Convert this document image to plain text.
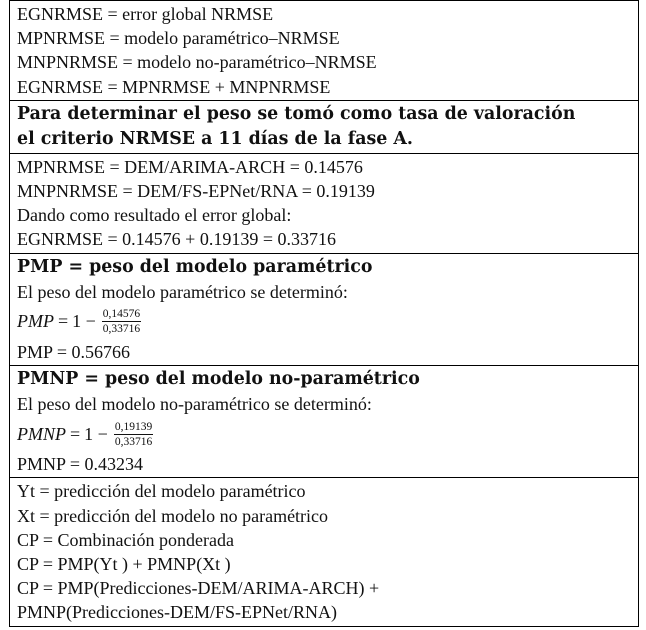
EGNRMSE = error global NRMSE
MPNRMSE = modelo paramétrico–NRMSE
MNPNRMSE = modelo no-paramétrico–NRMSE
EGNRMSE = MPNRMSE + MNPNRMSE

Para determinar el peso se tomó como tasa de valoración
el criterio NRMSE a 11 días de la fase A.

MPNRMSE = DEM/ARIMA-ARCH = 0.14576
MNPNRMSE = DEM/FS-EPNet/RNA = 0.19139
Dando como resultado el error global:
EGNRMSE = 0.14576 + 0.19139 = 0.33716

PMP = peso del modelo paramétrico
El peso del modelo paramétrico se determinó:
PMP = $1 - \frac{0,14576}{0,33716}$
PMP = 0.56766

PMNP = peso del modelo no-paramétrico
El peso del modelo no-paramétrico se determinó:
PMNP = $1 - \frac{0,19139}{0,33716}$
PMNP = 0.43234

Yt = predicción del modelo paramétrico
Xt = predicción del modelo no paramétrico
CP = Combinación ponderada
CP = PMP(Yt ) + PMNP(Xt )
CP = PMP(Predicciones-DEM/ARIMA-ARCH) +
PMNP(Predicciones-DEM/FS-EPNet/RNA)
